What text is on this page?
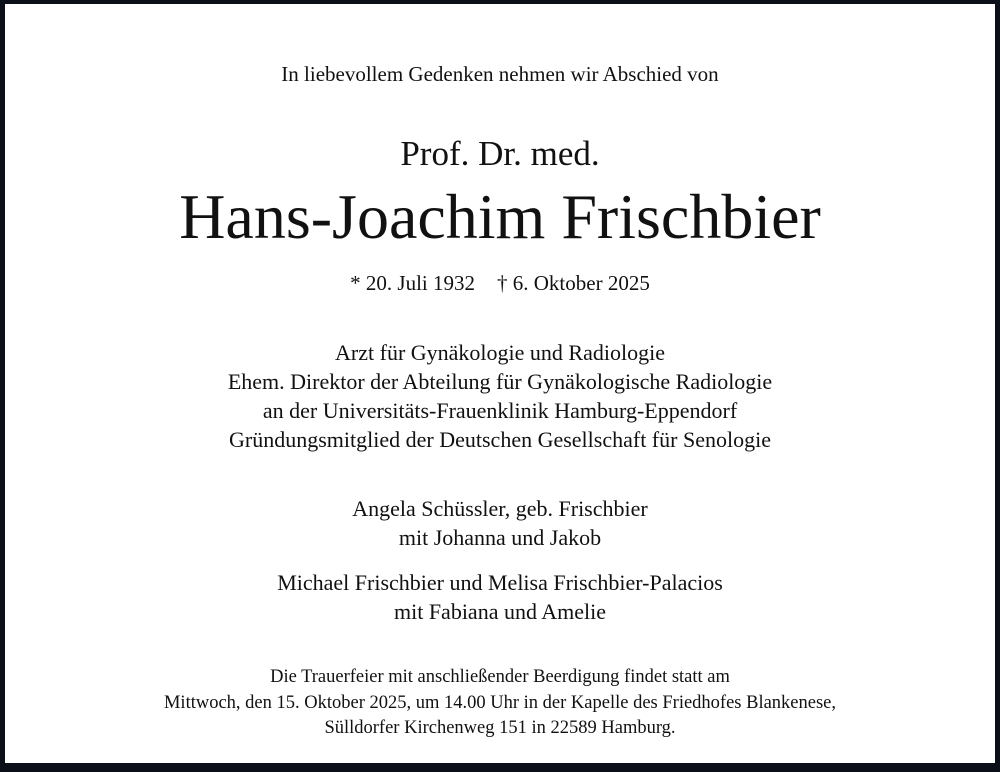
In liebevollem Gedenken nehmen wir Abschied von
Prof. Dr. med.
Hans-Joachim Frischbier
* 20. Juli 1932 † 6. Oktober 2025
Arzt für Gynäkologie und Radiologie
Ehem. Direktor der Abteilung für Gynäkologische Radiologie
an der Universitäts-Frauenklinik Hamburg-Eppendorf
Gründungsmitglied der Deutschen Gesellschaft für Senologie
Angela Schüssler, geb. Frischbier
mit Johanna und Jakob
Michael Frischbier und Melisa Frischbier-Palacios
mit Fabiana und Amelie
Die Trauerfeier mit anschließender Beerdigung findet statt am
Mittwoch, den 15. Oktober 2025, um 14.00 Uhr in der Kapelle des Friedhofes Blankenese,
Sülldorfer Kirchenweg 151 in 22589 Hamburg.
